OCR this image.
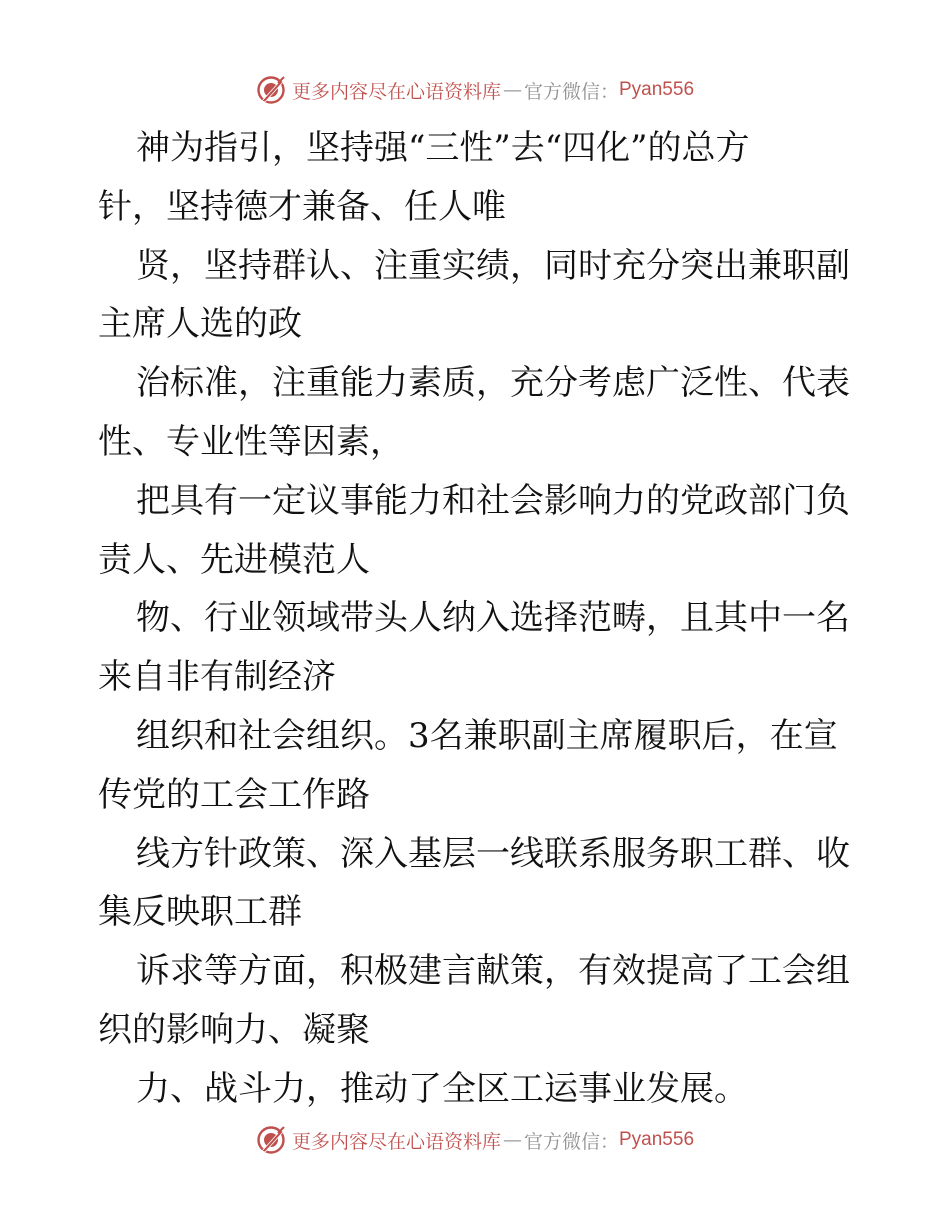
更多内容尽在心语资料库 — 官方微信： Pyan556
神为指引，坚持强“三性”去“四化”的总方
针，坚持德才兼备、任人唯
贤，坚持群认、注重实绩，同时充分突出兼职副
主席人选的政
治标准，注重能力素质，充分考虑广泛性、代表
性、专业性等因素，
把具有一定议事能力和社会影响力的党政部门负
责人、先进模范人
物、行业领域带头人纳入选择范畴，且其中一名
来自非有制经济
组织和社会组织。3名兼职副主席履职后，在宣
传党的工会工作路
线方针政策、深入基层一线联系服务职工群、收
集反映职工群
诉求等方面，积极建言献策，有效提高了工会组
织的影响力、凝聚
力、战斗力，推动了全区工运事业发展。
更多内容尽在心语资料库 — 官方微信： Pyan556
